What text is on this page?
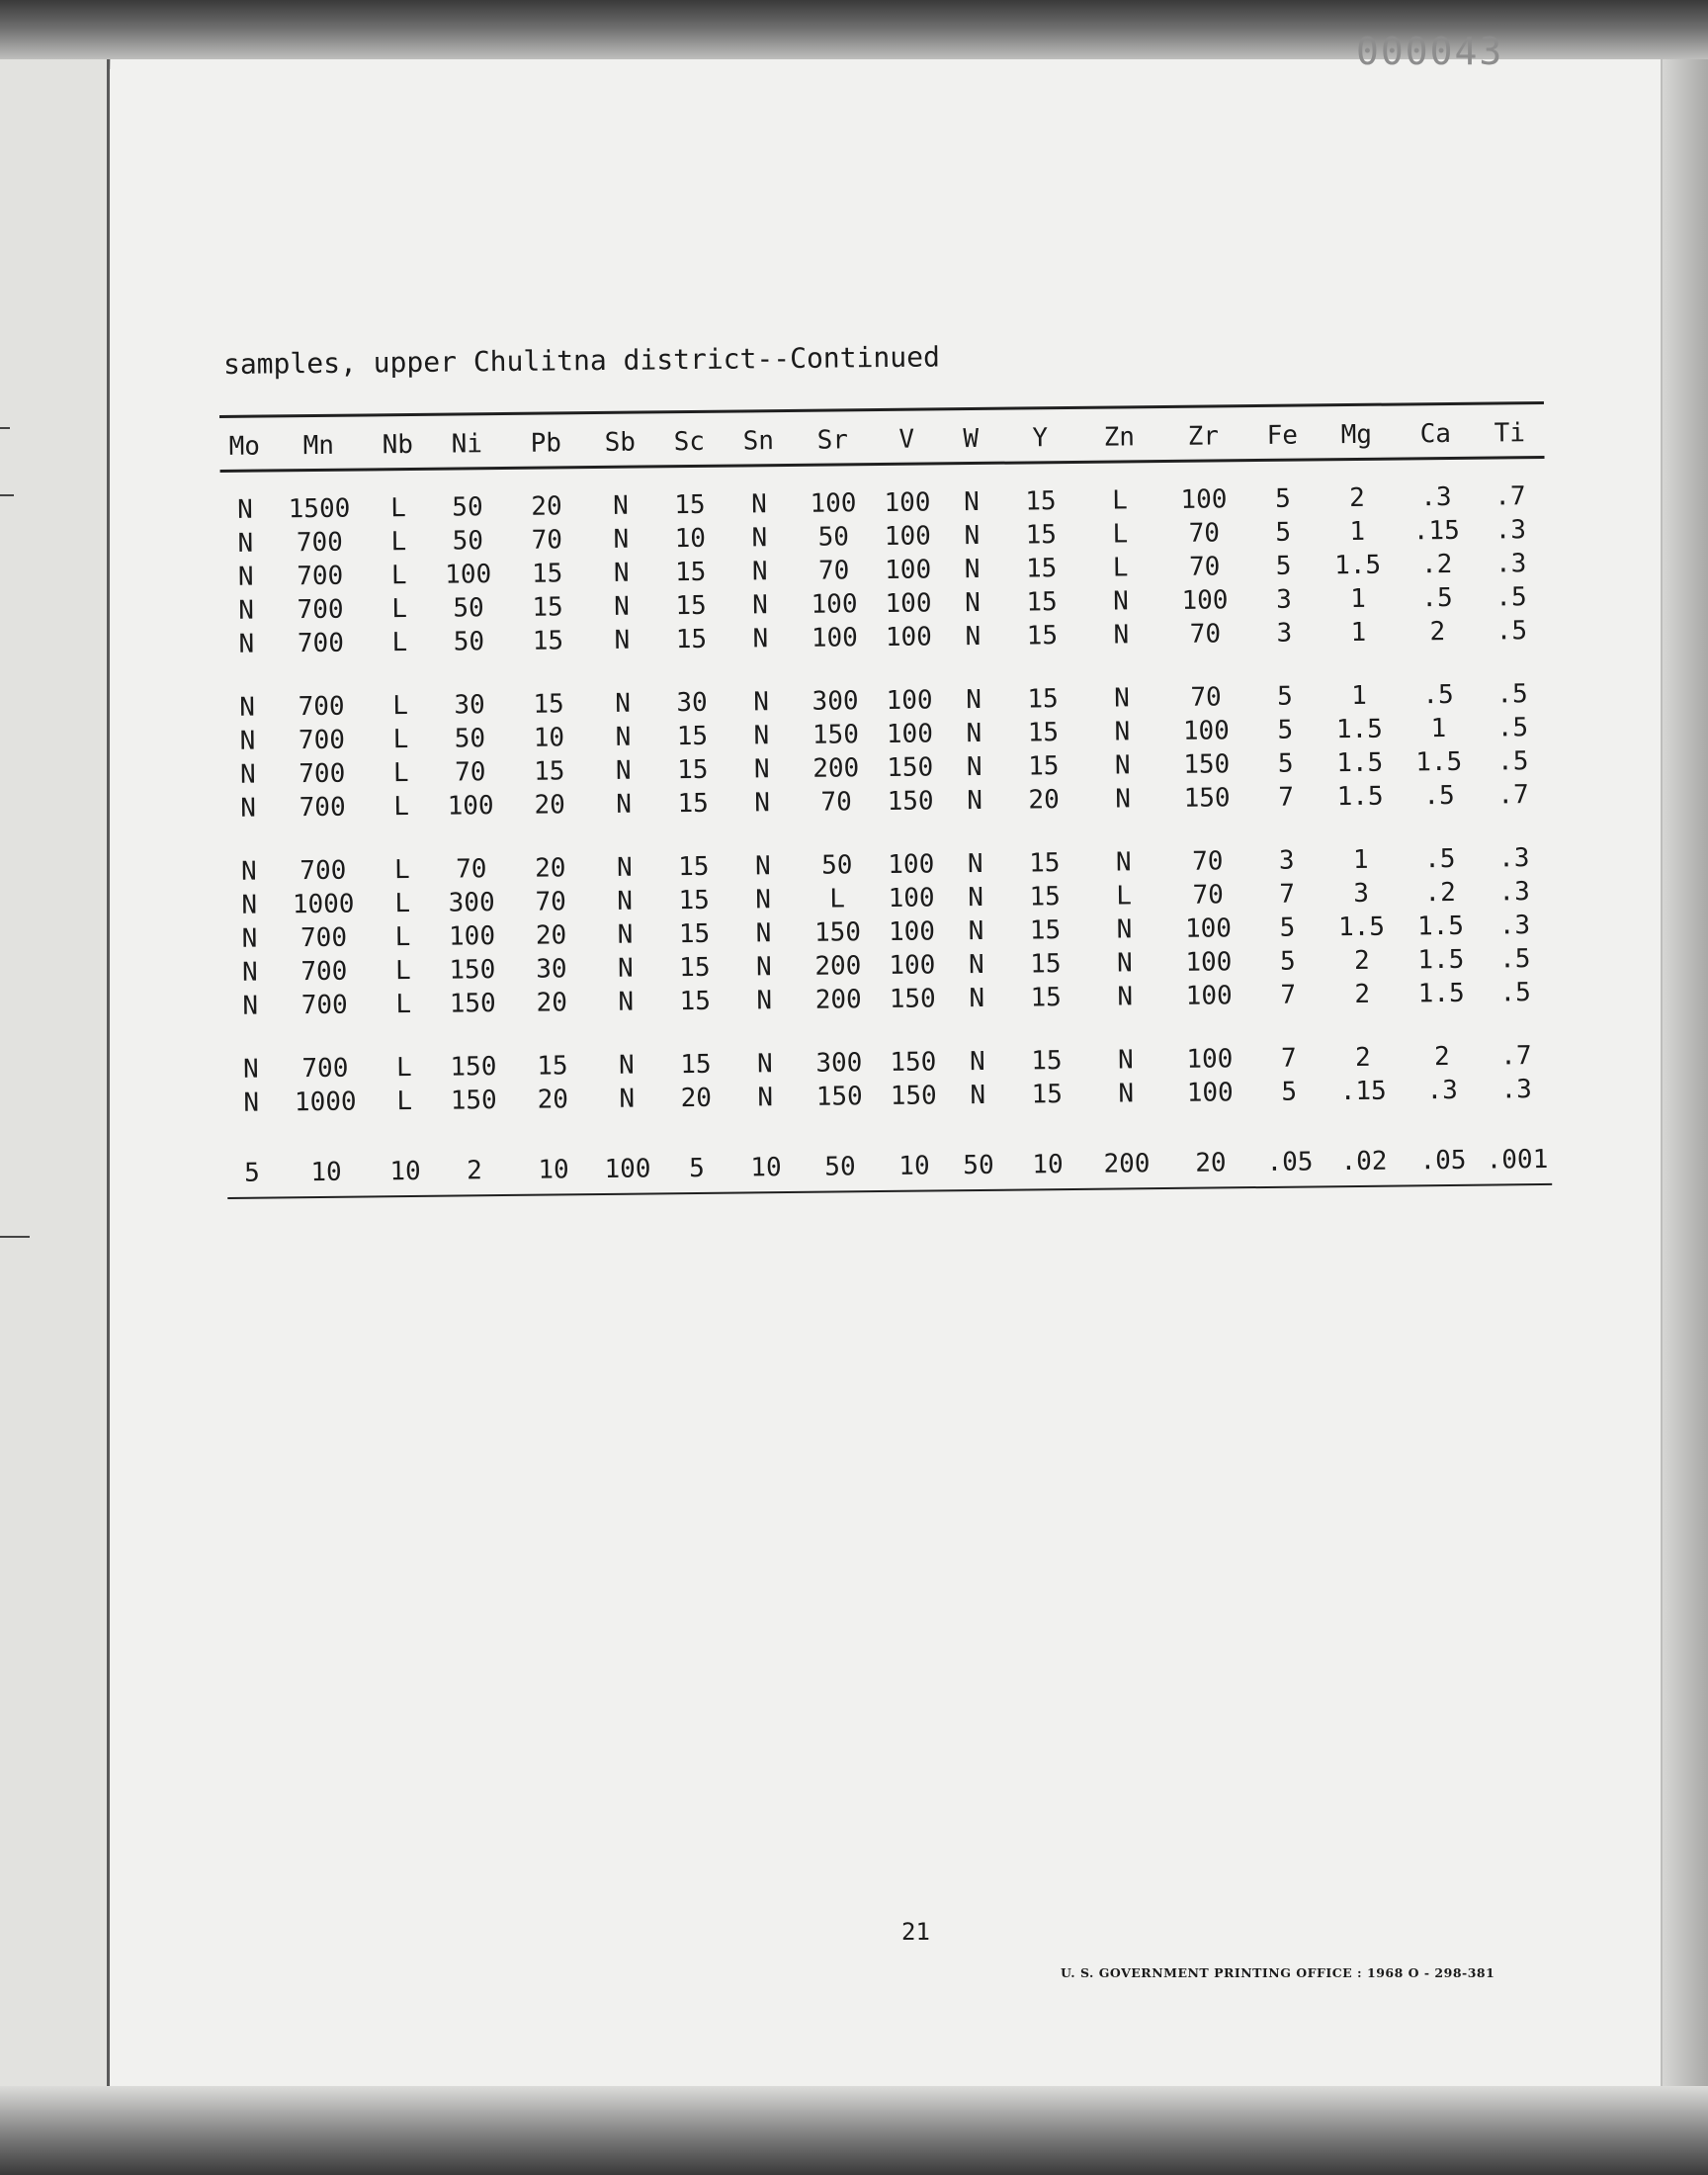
000043
samples, upper Chulitna district--Continued
Mo	Mn	Nb	Ni	Pb	Sb	Sc	Sn	Sr	V	W	Y	Zn	Zr	Fe	Mg	Ca	Ti

N	1500	L	50	20	N	15	N	100	100	N	15	L	100	5	2	.3	.7
N	700	L	50	70	N	10	N	50	100	N	15	L	70	5	1	.15	.3
N	700	L	100	15	N	15	N	70	100	N	15	L	70	5	1.5	.2	.3
N	700	L	50	15	N	15	N	100	100	N	15	N	100	3	1	.5	.5
N	700	L	50	15	N	15	N	100	100	N	15	N	70	3	1	2	.5

N	700	L	30	15	N	30	N	300	100	N	15	N	70	5	1	.5	.5
N	700	L	50	10	N	15	N	150	100	N	15	N	100	5	1.5	1	.5
N	700	L	70	15	N	15	N	200	150	N	15	N	150	5	1.5	1.5	.5
N	700	L	100	20	N	15	N	70	150	N	20	N	150	7	1.5	.5	.7

N	700	L	70	20	N	15	N	50	100	N	15	N	70	3	1	.5	.3
N	1000	L	300	70	N	15	N	L	100	N	15	L	70	7	3	.2	.3
N	700	L	100	20	N	15	N	150	100	N	15	N	100	5	1.5	1.5	.3
N	700	L	150	30	N	15	N	200	100	N	15	N	100	5	2	1.5	.5
N	700	L	150	20	N	15	N	200	150	N	15	N	100	7	2	1.5	.5

N	700	L	150	15	N	15	N	300	150	N	15	N	100	7	2	2	.7
N	1000	L	150	20	N	20	N	150	150	N	15	N	100	5	.15	.3	.3

5	10	10	2	10	100	5	10	50	10	50	10	200	20	.05	.02	.05	.001
21
U. S. GOVERNMENT PRINTING OFFICE : 1968 O - 298-381
